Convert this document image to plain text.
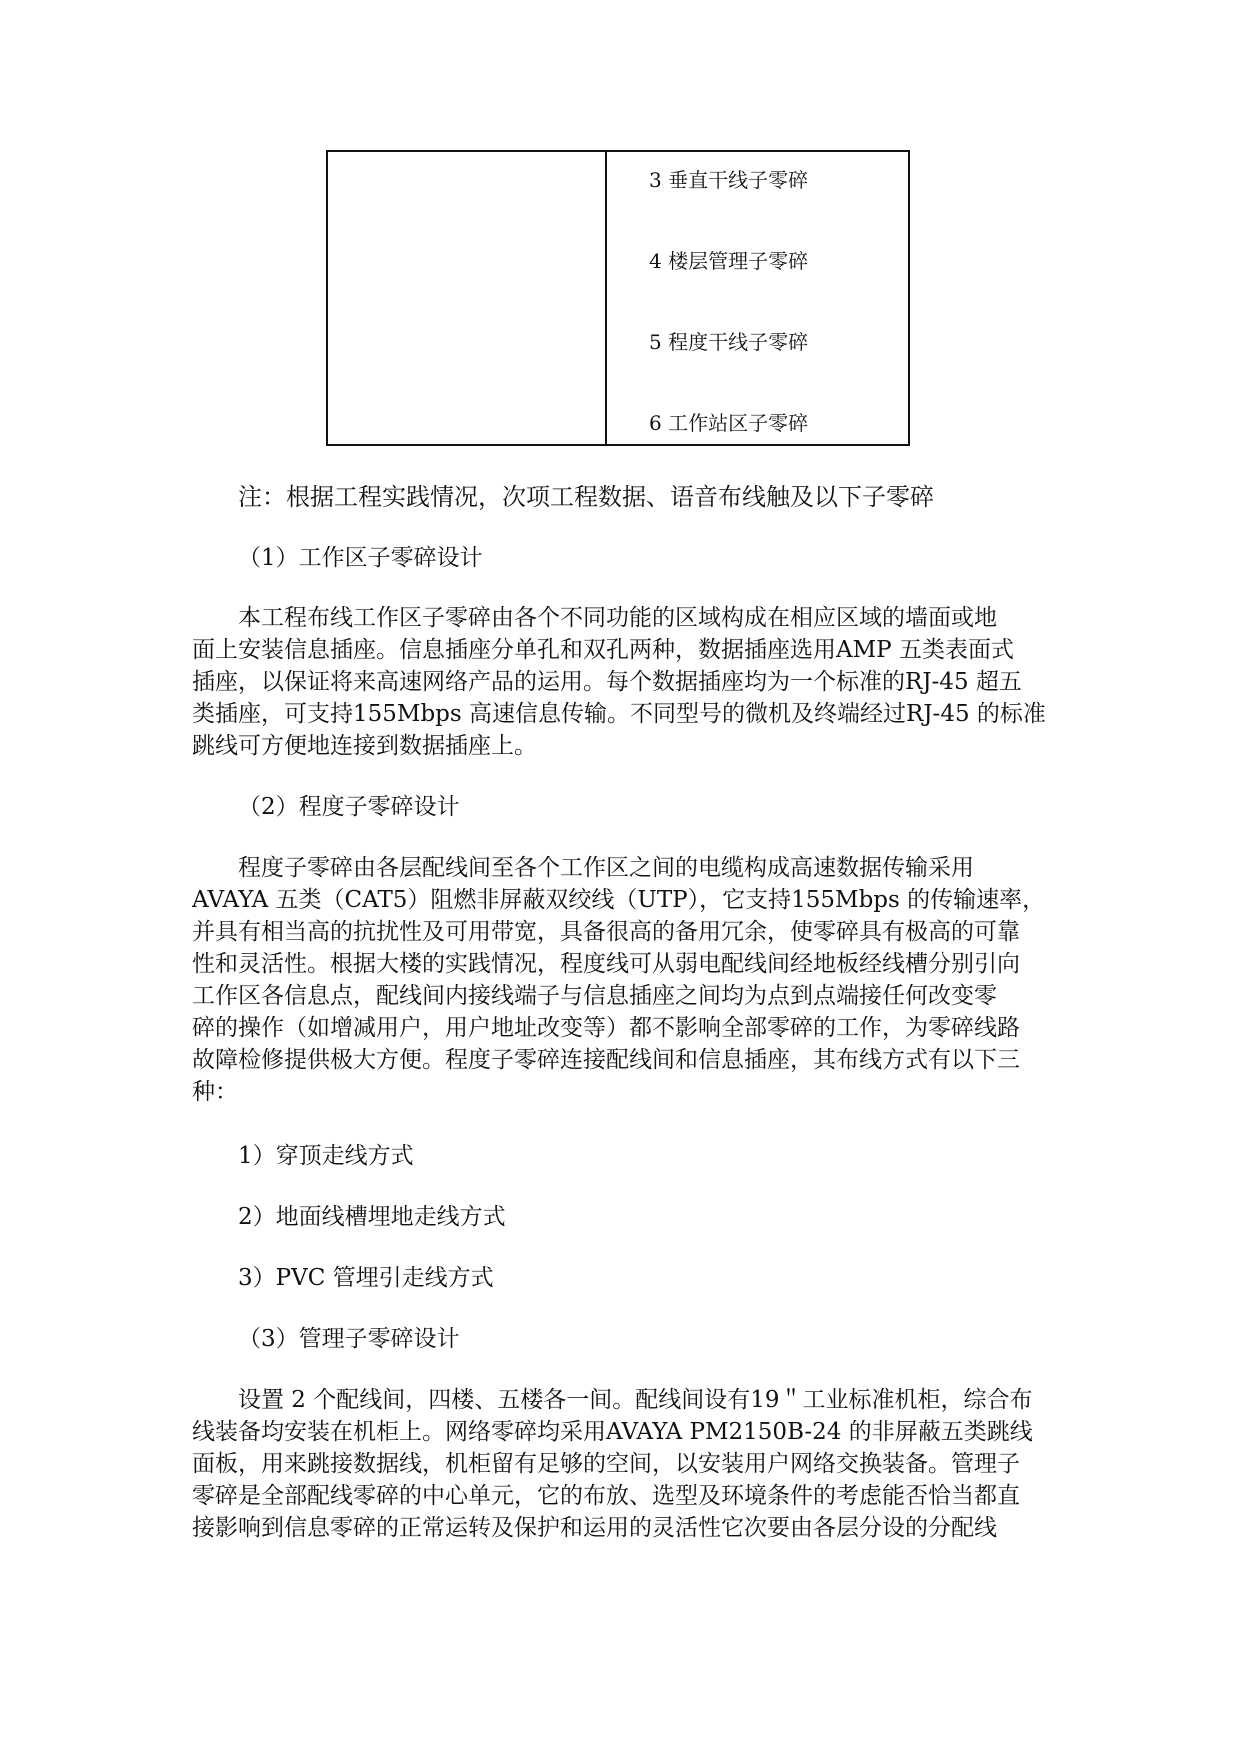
3 垂直干线子零碎
4 楼层管理子零碎
5 程度干线子零碎
6 工作站区子零碎

注：根据工程实践情况，次项工程数据、语音布线触及以下子零碎

（1）工作区子零碎设计

　　本工程布线工作区子零碎由各个不同功能的区域构成在相应区域的墙面或地
面上安装信息插座。信息插座分单孔和双孔两种，数据插座选用AMP 五类表面式
插座，以保证将来高速网络产品的运用。每个数据插座均为一个标准的RJ-45 超五
类插座，可支持155Mbps 高速信息传输。不同型号的微机及终端经过RJ-45 的标准
跳线可方便地连接到数据插座上。

（2）程度子零碎设计

　　程度子零碎由各层配线间至各个工作区之间的电缆构成高速数据传输采用
AVAYA 五类（CAT5）阻燃非屏蔽双绞线（UTP），它支持155Mbps 的传输速率，
并具有相当高的抗扰性及可用带宽，具备很高的备用冗余，使零碎具有极高的可靠
性和灵活性。根据大楼的实践情况，程度线可从弱电配线间经地板经线槽分别引向
工作区各信息点，配线间内接线端子与信息插座之间均为点到点端接任何改变零
碎的操作（如增减用户，用户地址改变等）都不影响全部零碎的工作，为零碎线路
故障检修提供极大方便。程度子零碎连接配线间和信息插座，其布线方式有以下三
种：

1）穿顶走线方式

2）地面线槽埋地走线方式

3）PVC 管埋引走线方式

（3）管理子零碎设计

　　设置 2 个配线间，四楼、五楼各一间。配线间设有19＂工业标准机柜，综合布
线装备均安装在机柜上。网络零碎均采用AVAYA PM2150B-24 的非屏蔽五类跳线
面板，用来跳接数据线，机柜留有足够的空间，以安装用户网络交换装备。管理子
零碎是全部配线零碎的中心单元，它的布放、选型及环境条件的考虑能否恰当都直
接影响到信息零碎的正常运转及保护和运用的灵活性它次要由各层分设的分配线
